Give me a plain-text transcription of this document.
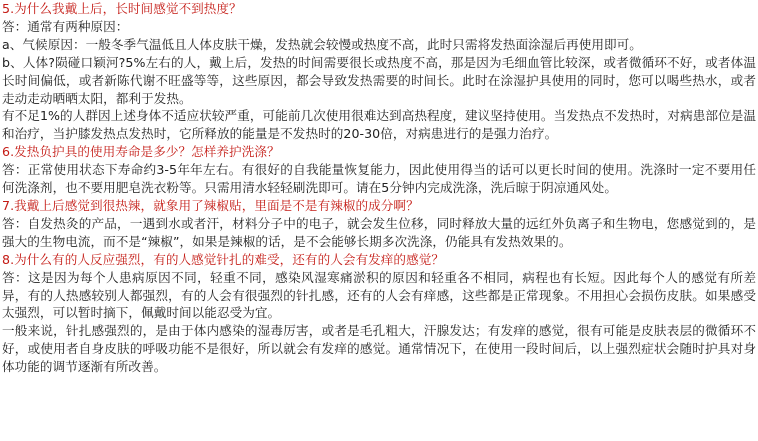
5.为什么我戴上后，长时间感觉不到热度？

答：通常有两种原因：

a、气候原因：一般冬季气温低且人体皮肤干燥，发热就会较慢或热度不高，此时只需将发热面涂湿后再使用即可。

b、人体?陨碰口颖河?5%左右的人，戴上后，发热的时间需要很长或热度不高，那是因为毛细血管比较深，或者微循环不好，或者体温长时间偏低，或者新陈代谢不旺盛等等，这些原因，都会导致发热需要的时间长。此时在涂湿护具使用的同时，您可以喝些热水，或者走动走动晒晒太阳，都利于发热。

有不足1%的人群因上述身体不适应状较严重，可能前几次使用很难达到高热程度，建议坚持使用。当发热点不发热时，对病患部位是温和治疗，当护膝发热点发热时，它所释放的能量是不发热时的20-30倍，对病患进行的是强力治疗。

6.发热负护具的使用寿命是多少？怎样养护洗涤？

答：正常使用状态下寿命约3-5年年左右。有很好的自我能量恢复能力，因此使用得当的话可以更长时间的使用。洗涤时一定不要用任何洗涤剂，也不要用肥皂洗衣粉等。只需用清水轻轻刷洗即可。请在5分钟内完成洗涤，洗后晾于阴凉通风处。

7.我戴上后感觉到很热辣，就象用了辣椒贴，里面是不是有辣椒的成分啊？

答：自发热灸的产品，一遇到水或者汗，材料分子中的电子，就会发生位移，同时释放大量的远红外负离子和生物电，您感觉到的，是强大的生物电流，而不是“辣椒”，如果是辣椒的话，是不会能够长期多次洗涤，仍能具有发热效果的。

8.为什么有的人反应强烈，有的人感觉针扎的难受，还有的人会有发痒的感觉？

答：这是因为每个人患病原因不同，轻重不同，感染风湿寒痛淤积的原因和轻重各不相同，病程也有长短。因此每个人的感觉有所差异，有的人热感较别人都强烈，有的人会有很强烈的针扎感，还有的人会有痒感，这些都是正常现象。不用担心会损伤皮肤。如果感受太强烈，可以暂时摘下，佩戴时间以能忍受为宜。

一般来说，针扎感强烈的，是由于体内感染的湿毒厉害，或者是毛孔粗大，汗腺发达；有发痒的感觉，很有可能是皮肤表层的微循环不好，或使用者自身皮肤的呼吸功能不是很好，所以就会有发痒的感觉。通常情况下，在使用一段时间后，以上强烈症状会随时护具对身体功能的调节逐渐有所改善。
